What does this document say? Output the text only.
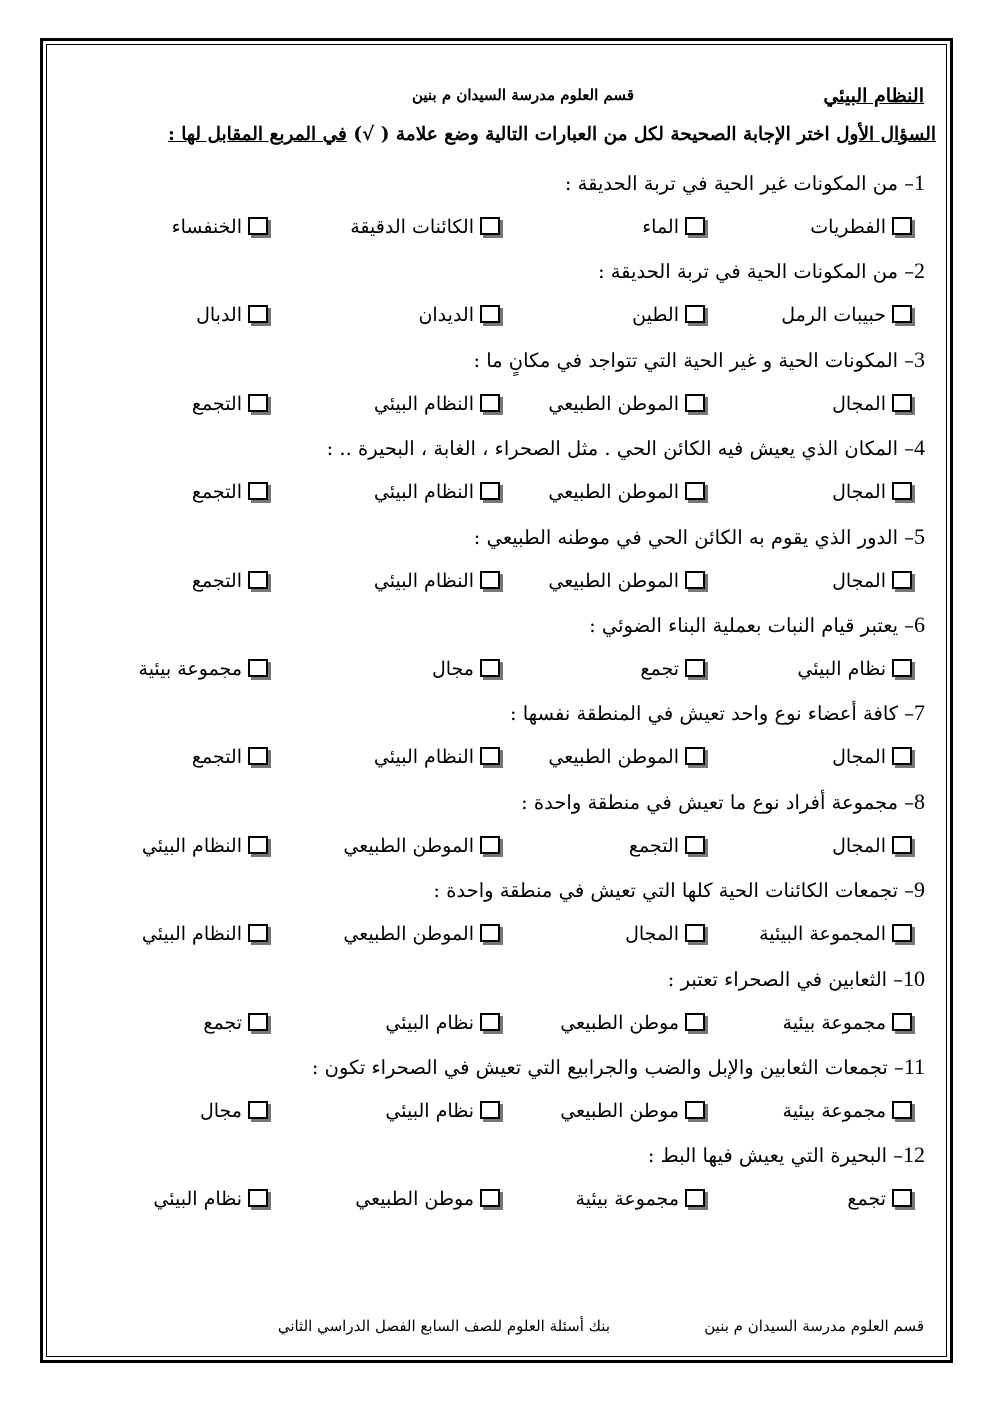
النظام البيئي
قسم العلوم مدرسة السيدان م بنين
السؤال الأول اختر الإجابة الصحيحة لكل من العبارات التالية وضع علامة ( √) في المربع المقابل لها :
1– من المكونات غير الحية في تربة الحديقة :
الفطريات
الماء
الكائنات الدقيقة
الخنفساء
2– من المكونات الحية في تربة الحديقة :
حبيبات الرمل
الطين
الديدان
الدبال
3– المكونات الحية و غير الحية التي تتواجد في مكانٍ ما :
المجال
الموطن الطبيعي
النظام البيئي
التجمع
4– المكان الذي يعيش فيه الكائن الحي . مثل الصحراء ، الغابة ، البحيرة .. :
المجال
الموطن الطبيعي
النظام البيئي
التجمع
5– الدور الذي يقوم به الكائن الحي في موطنه الطبيعي :
المجال
الموطن الطبيعي
النظام البيئي
التجمع
6– يعتبر قيام النبات بعملية البناء الضوئي :
نظام البيئي
تجمع
مجال
مجموعة بيئية
7– كافة أعضاء نوع واحد تعيش في المنطقة نفسها :
المجال
الموطن الطبيعي
النظام البيئي
التجمع
8– مجموعة أفراد نوع ما تعيش في منطقة واحدة :
المجال
التجمع
الموطن الطبيعي
النظام البيئي
9– تجمعات الكائنات الحية كلها التي تعيش في منطقة واحدة :
المجموعة البيئية
المجال
الموطن الطبيعي
النظام البيئي
10– الثعابين في الصحراء تعتبر :
مجموعة بيئية
موطن الطبيعي
نظام البيئي
تجمع
11– تجمعات الثعابين والإبل والضب والجرابيع التي تعيش في الصحراء تكون :
مجموعة بيئية
موطن الطبيعي
نظام البيئي
مجال
12– البحيرة التي يعيش فيها البط :
تجمع
مجموعة بيئية
موطن الطبيعي
نظام البيئي
قسم العلوم مدرسة السيدان م بنين
بنك أسئلة العلوم للصف السابع الفصل الدراسي الثاني
